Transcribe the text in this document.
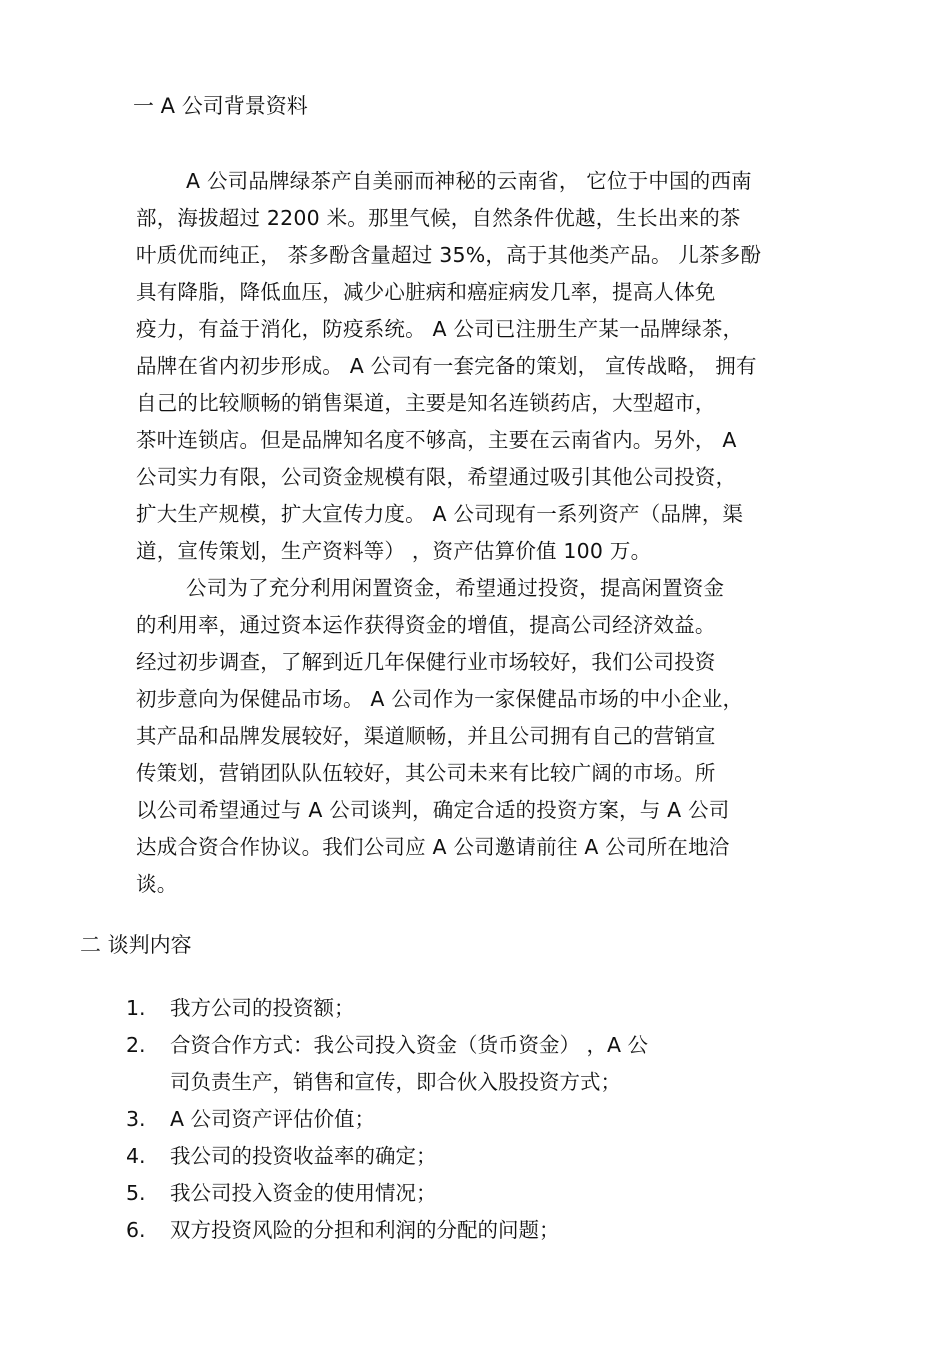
一 A 公司背景资料
A 公司品牌绿茶产自美丽而神秘的云南省， 它位于中国的西南
部，海拔超过 2200 米。那里气候，自然条件优越，生长出来的茶
叶质优而纯正， 茶多酚含量超过 35%，高于其他类产品。 儿茶多酚
具有降脂，降低血压，减少心脏病和癌症病发几率，提高人体免
疫力，有益于消化，防疫系统。 A 公司已注册生产某一品牌绿茶，
品牌在省内初步形成。 A 公司有一套完备的策划， 宣传战略， 拥有
自己的比较顺畅的销售渠道，主要是知名连锁药店，大型超市，
茶叶连锁店。但是品牌知名度不够高，主要在云南省内。另外， A
公司实力有限，公司资金规模有限，希望通过吸引其他公司投资，
扩大生产规模，扩大宣传力度。 A 公司现有一系列资产（品牌，渠
道，宣传策划，生产资料等） ，资产估算价值 100 万。
公司为了充分利用闲置资金，希望通过投资，提高闲置资金
的利用率，通过资本运作获得资金的增值，提高公司经济效益。
经过初步调查，了解到近几年保健行业市场较好，我们公司投资
初步意向为保健品市场。 A 公司作为一家保健品市场的中小企业，
其产品和品牌发展较好，渠道顺畅，并且公司拥有自己的营销宣
传策划，营销团队队伍较好，其公司未来有比较广阔的市场。所
以公司希望通过与 A 公司谈判，确定合适的投资方案，与 A 公司
达成合资合作协议。我们公司应 A 公司邀请前往 A 公司所在地洽
谈。
二 谈判内容
1.	我方公司的投资额；
2.	合资合作方式：我公司投入资金（货币资金） ，A 公
司负责生产，销售和宣传，即合伙入股投资方式；
3.	A 公司资产评估价值；
4.	我公司的投资收益率的确定；
5.	我公司投入资金的使用情况；
6.	双方投资风险的分担和利润的分配的问题；
